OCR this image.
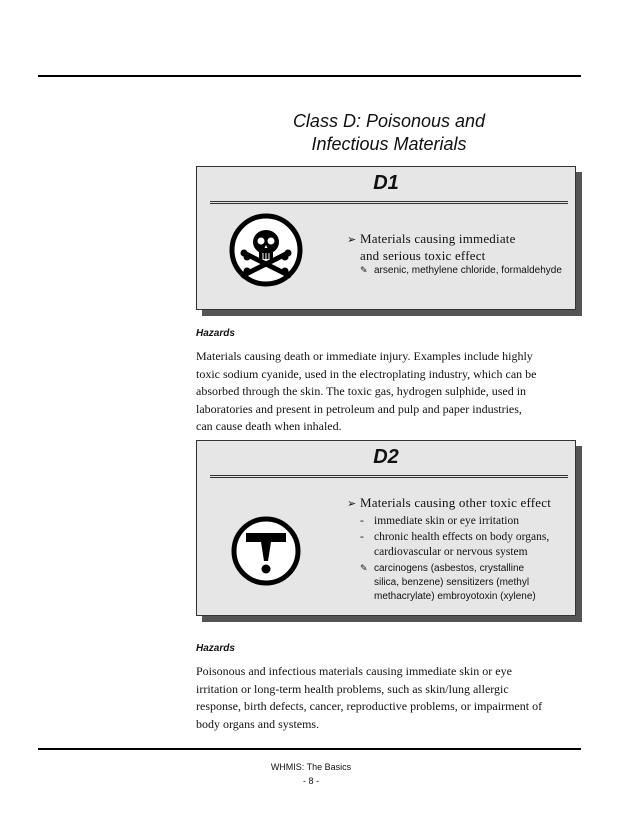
Class D: Poisonous and
Infectious Materials
D1
➢ Materials causing immediate
and serious toxic effect
✎ arsenic, methylene chloride, formaldehyde
Hazards
Materials causing death or immediate injury. Examples include highly
toxic sodium cyanide, used in the electroplating industry, which can be
absorbed through the skin. The toxic gas, hydrogen sulphide, used in
laboratories and present in petroleum and pulp and paper industries,
can cause death when inhaled.
D2
➢ Materials causing other toxic effect
- immediate skin or eye irritation
- chronic health effects on body organs,
cardiovascular or nervous system
✎ carcinogens (asbestos, crystalline
silica, benzene) sensitizers (methyl
methacrylate) embroyotoxin (xylene)
Hazards
Poisonous and infectious materials causing immediate skin or eye
irritation or long-term health problems, such as skin/lung allergic
response, birth defects, cancer, reproductive problems, or impairment of
body organs and systems.
WHMIS: The Basics
- 8 -
